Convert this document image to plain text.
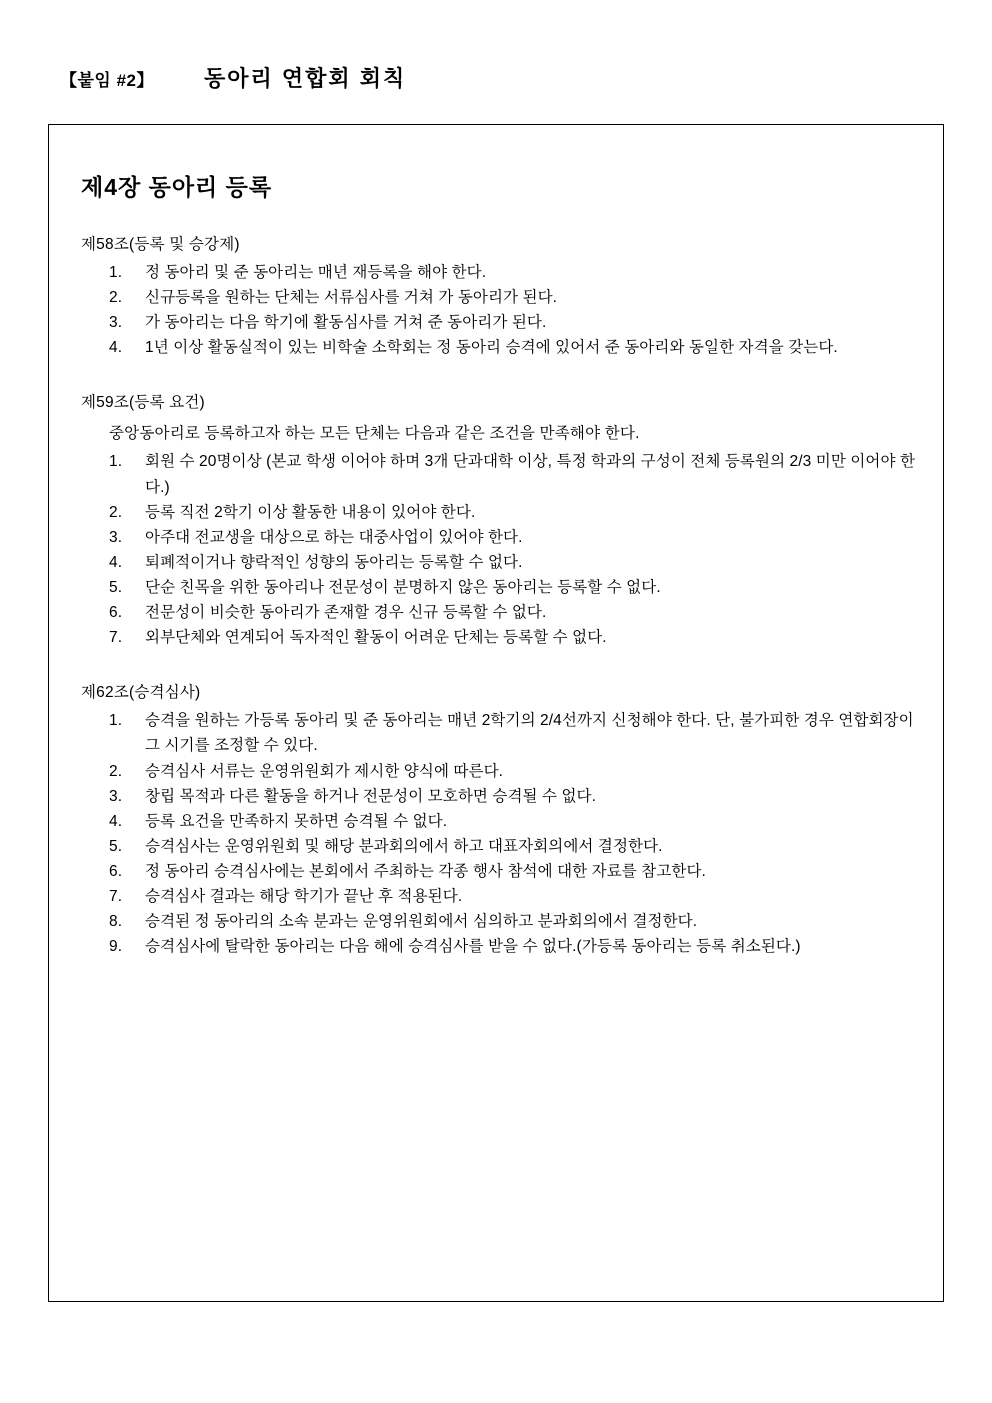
【붙임 #2】 동아리 연합회 회칙
제4장 동아리 등록
제58조(등록 및 승강제)
1.	정 동아리 및 준 동아리는 매년 재등록을 해야 한다.
2.	신규등록을 원하는 단체는 서류심사를 거쳐 가 동아리가 된다.
3.	가 동아리는 다음 학기에 활동심사를 거쳐 준 동아리가 된다.
4.	1년 이상 활동실적이 있는 비학술 소학회는 정 동아리 승격에 있어서 준 동아리와 동일한 자격을 갖는다.
제59조(등록 요건)
중앙동아리로 등록하고자 하는 모든 단체는 다음과 같은 조건을 만족해야 한다.
1.	회원 수 20명이상 (본교 학생 이어야 하며 3개 단과대학 이상, 특정 학과의 구성이 전체 등록원의 2/3 미만 이어야 한다.)
2.	등록 직전 2학기 이상 활동한 내용이 있어야 한다.
3.	아주대 전교생을 대상으로 하는 대중사업이 있어야 한다.
4.	퇴폐적이거나 향락적인 성향의 동아리는 등록할 수 없다.
5.	단순 친목을 위한 동아리나 전문성이 분명하지 않은 동아리는 등록할 수 없다.
6.	전문성이 비슷한 동아리가 존재할 경우 신규 등록할 수 없다.
7.	외부단체와 연계되어 독자적인 활동이 어려운 단체는 등록할 수 없다.
제62조(승격심사)
1.	승격을 원하는 가등록 동아리 및 준 동아리는 매년 2학기의 2/4선까지 신청해야 한다. 단, 불가피한 경우 연합회장이 그 시기를 조정할 수 있다.
2.	승격심사 서류는 운영위원회가 제시한 양식에 따른다.
3.	창립 목적과 다른 활동을 하거나 전문성이 모호하면 승격될 수 없다.
4.	등록 요건을 만족하지 못하면 승격될 수 없다.
5.	승격심사는 운영위원회 및 해당 분과회의에서 하고 대표자회의에서 결정한다.
6.	정 동아리 승격심사에는 본회에서 주최하는 각종 행사 참석에 대한 자료를 참고한다.
7.	승격심사 결과는 해당 학기가 끝난 후 적용된다.
8.	승격된 정 동아리의 소속 분과는 운영위원회에서 심의하고 분과회의에서 결정한다.
9.	승격심사에 탈락한 동아리는 다음 해에 승격심사를 받을 수 없다.(가등록 동아리는 등록 취소된다.)
